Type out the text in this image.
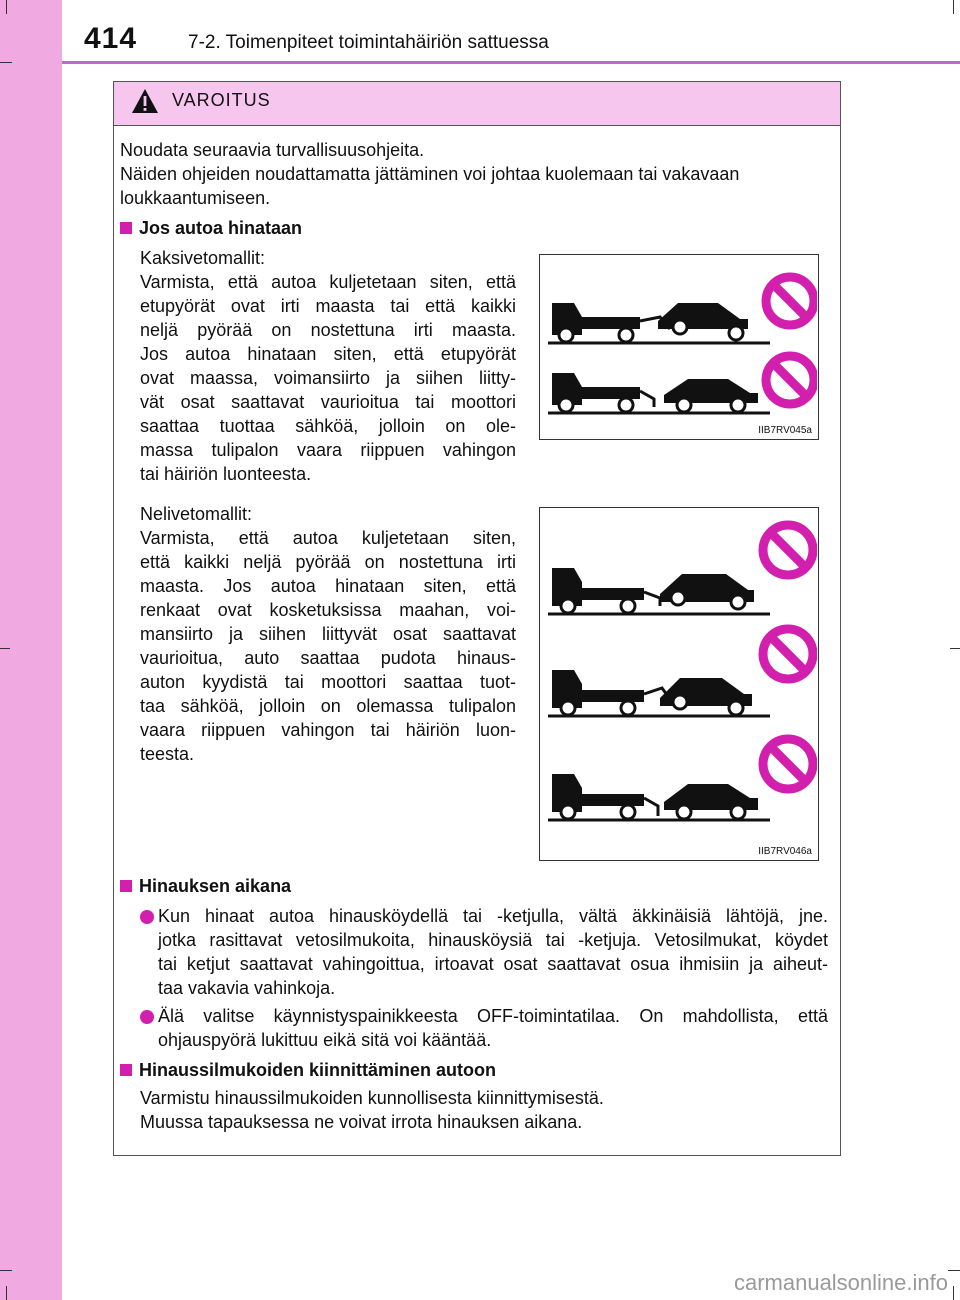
414	7-2. Toimenpiteet toimintahäiriön sattuessa
VAROITUS
Noudata seuraavia turvallisuusohjeita.
Näiden ohjeiden noudattamatta jättäminen voi johtaa kuolemaan tai vakavaan
loukkaantumiseen.
Jos autoa hinataan
Kaksivetomallit:
Varmista, että autoa kuljetetaan siten, että
etupyörät ovat irti maasta tai että kaikki
neljä pyörää on nostettuna irti maasta.
Jos autoa hinataan siten, että etupyörät
ovat maassa, voimansiirto ja siihen liitty-
vät osat saattavat vaurioitua tai moottori
saattaa tuottaa sähköä, jolloin on ole-
massa tulipalon vaara riippuen vahingon
tai häiriön luonteesta.
IIB7RV045a
Nelivetomallit:
Varmista, että autoa kuljetetaan siten,
että kaikki neljä pyörää on nostettuna irti
maasta. Jos autoa hinataan siten, että
renkaat ovat kosketuksissa maahan, voi-
mansiirto ja siihen liittyvät osat saattavat
vaurioitua, auto saattaa pudota hinaus-
auton kyydistä tai moottori saattaa tuot-
taa sähköä, jolloin on olemassa tulipalon
vaara riippuen vahingon tai häiriön luon-
teesta.
IIB7RV046a
Hinauksen aikana
Kun hinaat autoa hinausköydellä tai -ketjulla, vältä äkkinäisiä lähtöjä, jne.
jotka rasittavat vetosilmukoita, hinausköysiä tai -ketjuja. Vetosilmukat, köydet
tai ketjut saattavat vahingoittua, irtoavat osat saattavat osua ihmisiin ja aiheut-
taa vakavia vahinkoja.
Älä valitse käynnistyspainikkeesta OFF-toimintatilaa. On mahdollista, että
ohjauspyörä lukittuu eikä sitä voi kääntää.
Hinaussilmukoiden kiinnittäminen autoon
Varmistu hinaussilmukoiden kunnollisesta kiinnittymisestä.
Muussa tapauksessa ne voivat irrota hinauksen aikana.
carmanualsonline.info
